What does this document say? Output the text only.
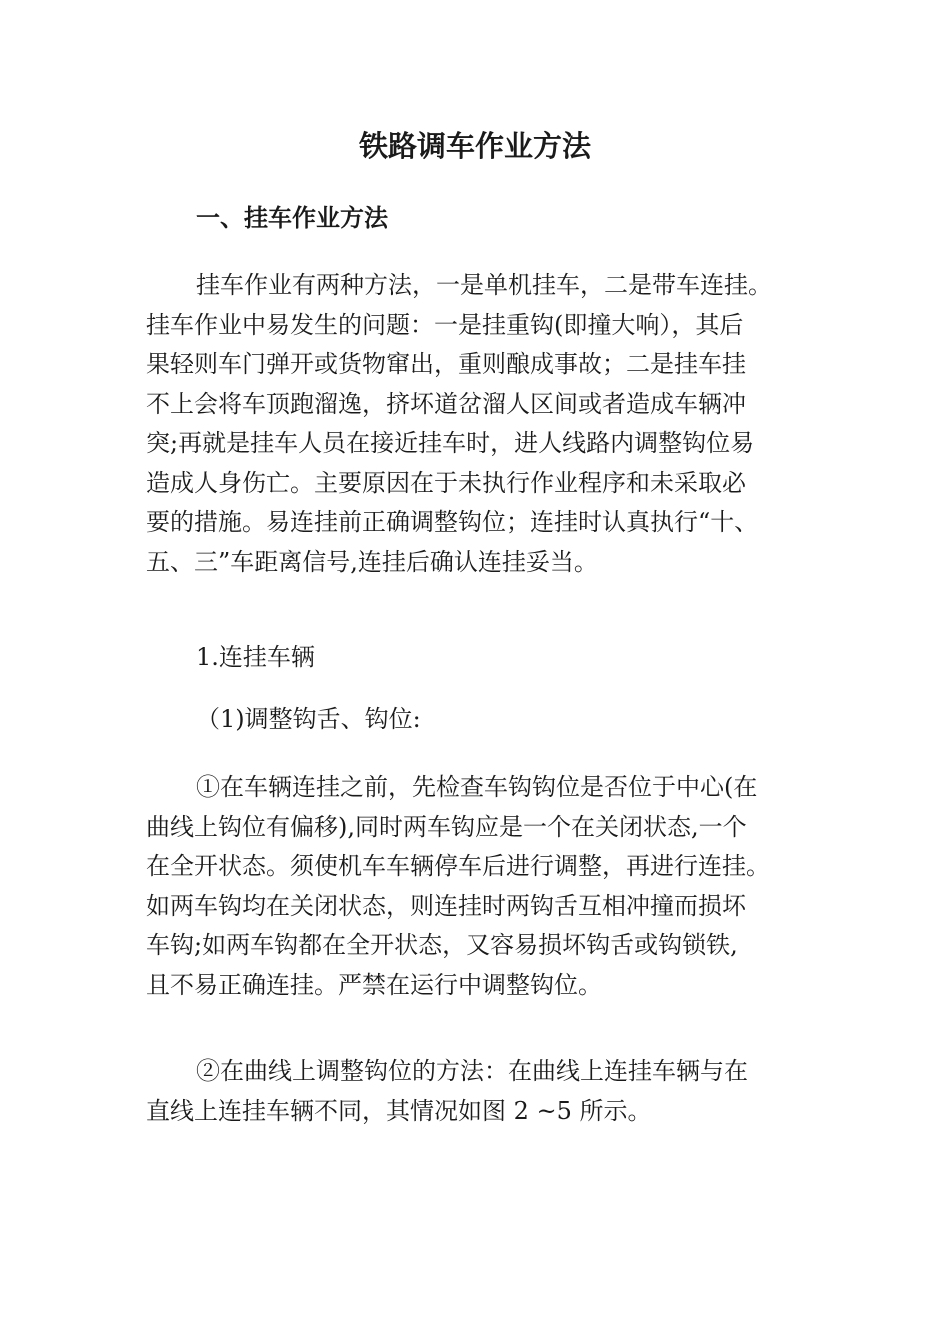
铁路调车作业方法
一、挂车作业方法

挂车作业有两种方法，一是单机挂车，二是带车连挂。
挂车作业中易发生的问题：一是挂重钩(即撞大响），其后
果轻则车门弹开或货物窜出，重则酿成事故；二是挂车挂
不上会将车顶跑溜逸，挤坏道岔溜人区间或者造成车辆冲
突;再就是挂车人员在接近挂车时，进人线路内调整钩位易
造成人身伤亡。主要原因在于未执行作业程序和未采取必
要的措施。易连挂前正确调整钩位；连挂时认真执行“十、
五、三”车距离信号,连挂后确认连挂妥当。

1.连挂车辆

（1)调整钩舌、钩位:

①在车辆连挂之前，先检查车钩钩位是否位于中心(在
曲线上钩位有偏移),同时两车钩应是一个在关闭状态,一个
在全开状态。须使机车车辆停车后进行调整，再进行连挂。
如两车钩均在关闭状态，则连挂时两钩舌互相冲撞而损坏
车钩;如两车钩都在全开状态，又容易损坏钩舌或钩锁铁,
且不易正确连挂。严禁在运行中调整钩位。

②在曲线上调整钩位的方法：在曲线上连挂车辆与在
直线上连挂车辆不同，其情况如图 2 ~5 所示。
